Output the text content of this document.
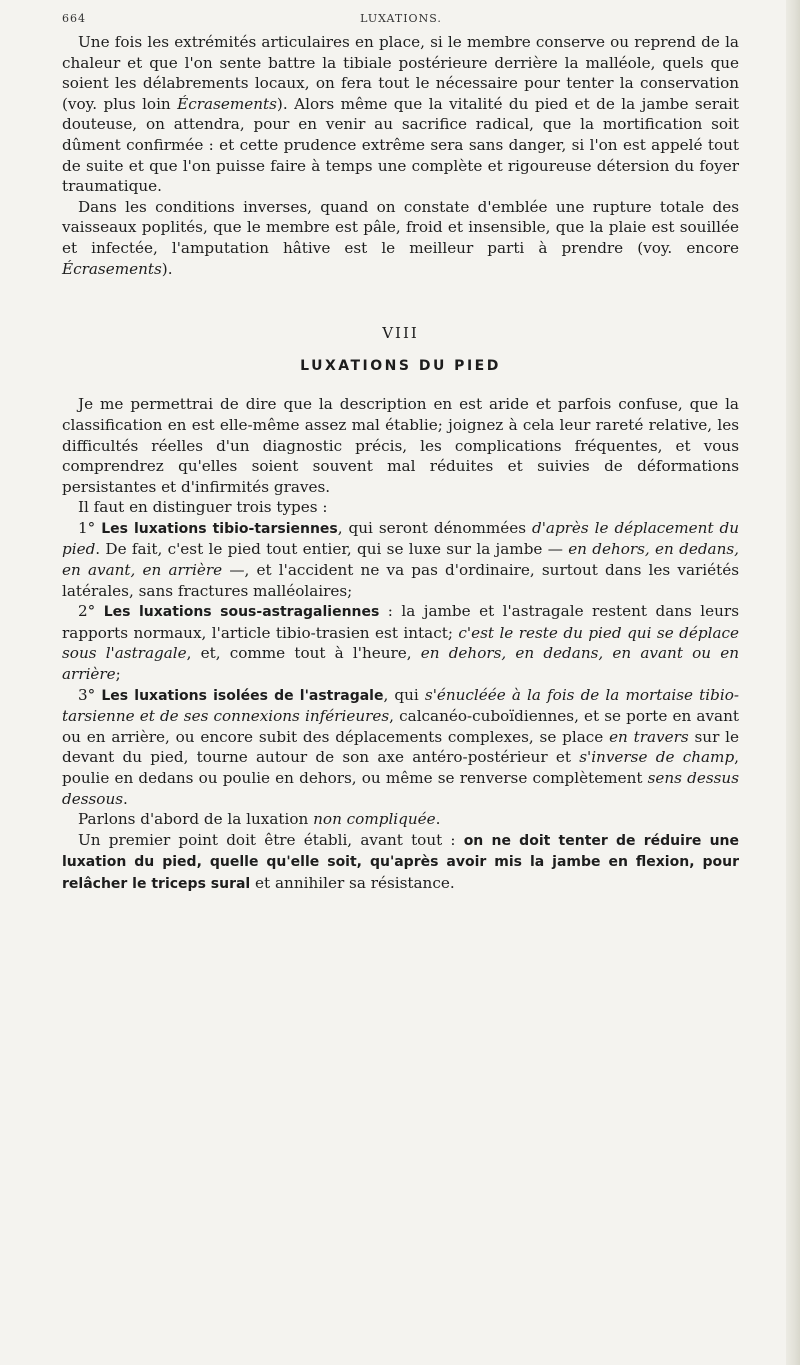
664	LUXATIONS.

Une fois les extrémités articulaires en place, si le membre conserve ou reprend de la chaleur et que l'on sente battre la tibiale postérieure derrière la malléole, quels que soient les délabrements locaux, on fera tout le nécessaire pour tenter la conservation (voy. plus loin Écrasements). Alors même que la vitalité du pied et de la jambe serait douteuse, on attendra, pour en venir au sacrifice radical, que la mortification soit dûment confirmée : et cette prudence extrême sera sans danger, si l'on est appelé tout de suite et que l'on puisse faire à temps une complète et rigoureuse détersion du foyer traumatique.

Dans les conditions inverses, quand on constate d'emblée une rupture totale des vaisseaux poplités, que le membre est pâle, froid et insensible, que la plaie est souillée et infectée, l'amputation hâtive est le meilleur parti à prendre (voy. encore Écrasements).

VIII
LUXATIONS DU PIED

Je me permettrai de dire que la description en est aride et parfois confuse, que la classification en est elle-même assez mal établie; joignez à cela leur rareté relative, les difficultés réelles d'un diagnostic précis, les complications fréquentes, et vous comprendrez qu'elles soient souvent mal réduites et suivies de déformations persistantes et d'infirmités graves.

Il faut en distinguer trois types :

1° Les luxations tibio-tarsiennes, qui seront dénommées d'après le déplacement du pied. De fait, c'est le pied tout entier, qui se luxe sur la jambe — en dehors, en dedans, en avant, en arrière —, et l'accident ne va pas d'ordinaire, surtout dans les variétés latérales, sans fractures malléolaires;

2° Les luxations sous-astragaliennes : la jambe et l'astragale restent dans leurs rapports normaux, l'article tibio-trasien est intact; c'est le reste du pied qui se déplace sous l'astragale, et, comme tout à l'heure, en dehors, en dedans, en avant ou en arrière;

3° Les luxations isolées de l'astragale, qui s'énucléée à la fois de la mortaise tibio-tarsienne et de ses connexions inférieures, calcanéo-cuboïdiennes, et se porte en avant ou en arrière, ou encore subit des déplacements complexes, se place en travers sur le devant du pied, tourne autour de son axe antéro-postérieur et s'inverse de champ, poulie en dedans ou poulie en dehors, ou même se renverse complètement sens dessus dessous.

Parlons d'abord de la luxation non compliquée.

Un premier point doit être établi, avant tout : on ne doit tenter de réduire une luxation du pied, quelle qu'elle soit, qu'après avoir mis la jambe en flexion, pour relâcher le triceps sural et annihiler sa résistance.
